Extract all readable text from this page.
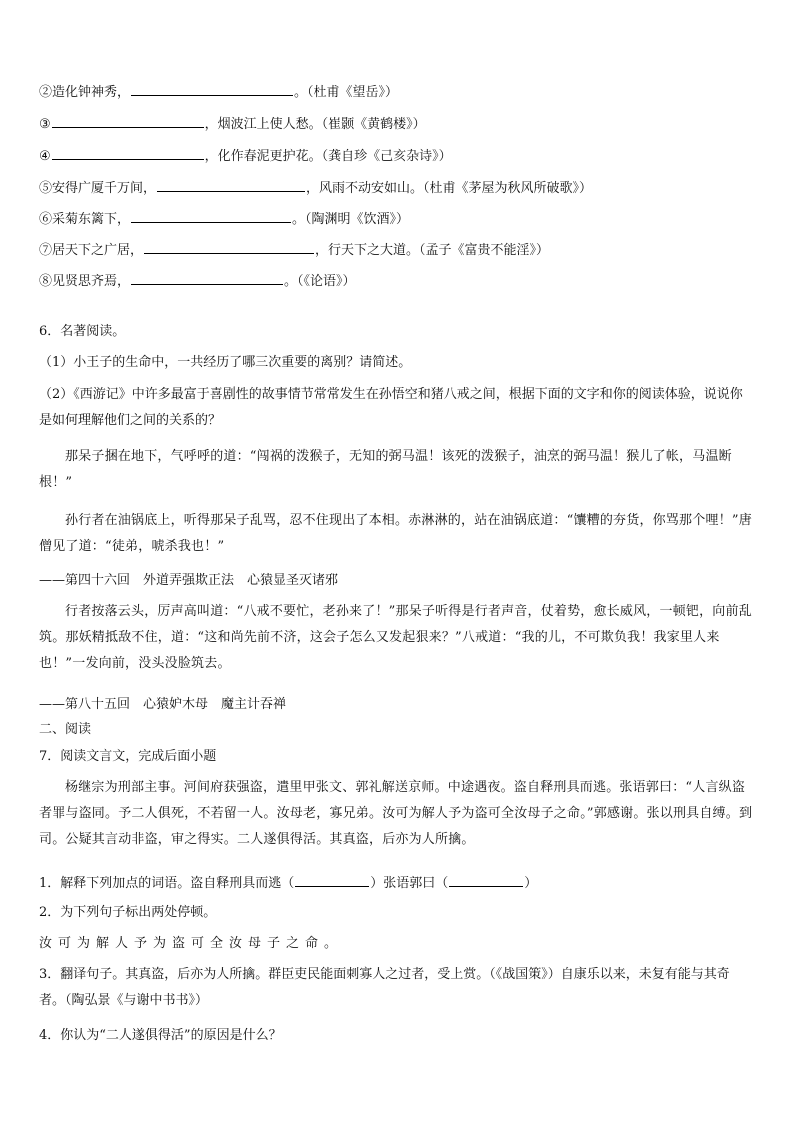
②造化钟神秀，	。（杜甫《望岳》）
③	，烟波江上使人愁。（崔颢《黄鹤楼》）
④	，化作春泥更护花。（龚自珍《己亥杂诗》）
⑤安得广厦千万间，	，风雨不动安如山。（杜甫《茅屋为秋风所破歌》）
⑥采菊东篱下，	。（陶渊明《饮酒》）
⑦居天下之广居，	，行天下之大道。（孟子《富贵不能淫》）
⑧见贤思齐焉，	。（《论语》）
6．名著阅读。
（1）小王子的生命中，一共经历了哪三次重要的离别？请简述。
（2）《西游记》中许多最富于喜剧性的故事情节常常发生在孙悟空和猪八戒之间，根据下面的文字和你的阅读体验，说说你是如何理解他们之间的关系的？
那呆子捆在地下，气呼呼的道：“闯祸的泼猴子，无知的弼马温！该死的泼猴子，油烹的弼马温！猴儿了帐，马温断根！”
孙行者在油锅底上，听得那呆子乱骂，忍不住现出了本相。赤淋淋的，站在油锅底道：“馕糟的夯货，你骂那个哩！”唐僧见了道：“徒弟，唬杀我也！”
——第四十六回　外道弄强欺正法　心猿显圣灭诸邪
行者按落云头，厉声高叫道：“八戒不要忙，老孙来了！”那呆子听得是行者声音，仗着势，愈长威风，一顿钯，向前乱筑。那妖精抵敌不住，道：“这和尚先前不济，这会子怎么又发起狠来？”八戒道：“我的儿，不可欺负我！我家里人来也！”一发向前，没头没脸筑去。
——第八十五回　心猿妒木母　魔主计吞禅
二、阅读
7．阅读文言文，完成后面小题
杨继宗为刑部主事。河间府获强盗，遣里甲张文、郭礼解送京师。中途遇夜。盗自释刑具而逃。张语郭曰：“人言纵盗者罪与盗同。予二人俱死，不若留一人。汝母老，寡兄弟。汝可为解人予为盗可全汝母子之命。”郭感谢。张以刑具自缚。到司。公疑其言动非盗，审之得实。二人遂俱得活。其真盗，后亦为人所擒。
1．解释下列加点的词语。盗自释刑具而逃（	）张语郭曰（	）
2．为下列句子标出两处停顿。
汝可为解人予为盗可全汝母子之命。
3．翻译句子。其真盗，后亦为人所擒。群臣吏民能面刺寡人之过者，受上赏。（《战国策》）自康乐以来，未复有能与其奇者。（陶弘景《与谢中书书》）
4．你认为“二人遂俱得活”的原因是什么？
